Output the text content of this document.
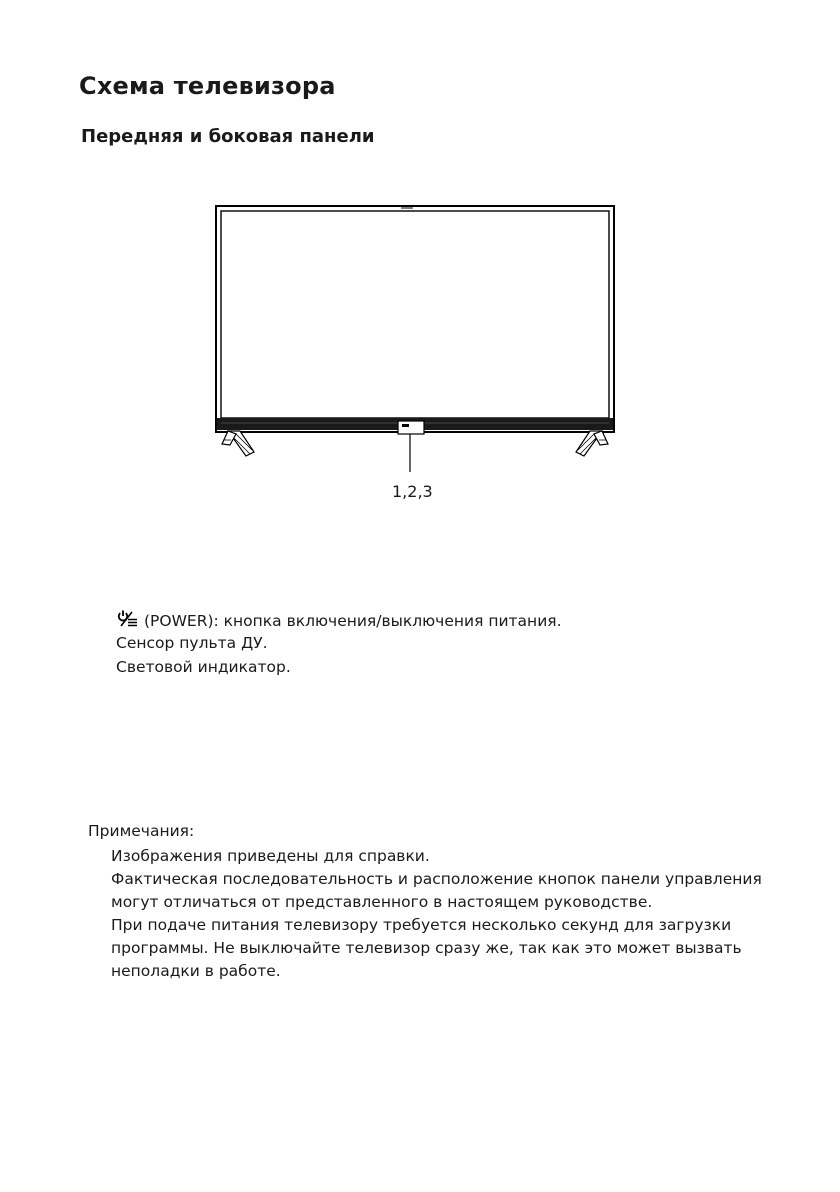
Схема телевизора
Передняя и боковая панели
1,2,3
(POWER): кнопка включения/выключения питания.
Сенсор пульта ДУ.
Световой индикатор.
Примечания:
Изображения приведены для справки.
Фактическая последовательность и расположение кнопок панели управления
могут отличаться от представленного в настоящем руководстве.
При подаче питания телевизору требуется несколько секунд для загрузки
программы. Не выключайте телевизор сразу же, так как это может вызвать
неполадки в работе.
